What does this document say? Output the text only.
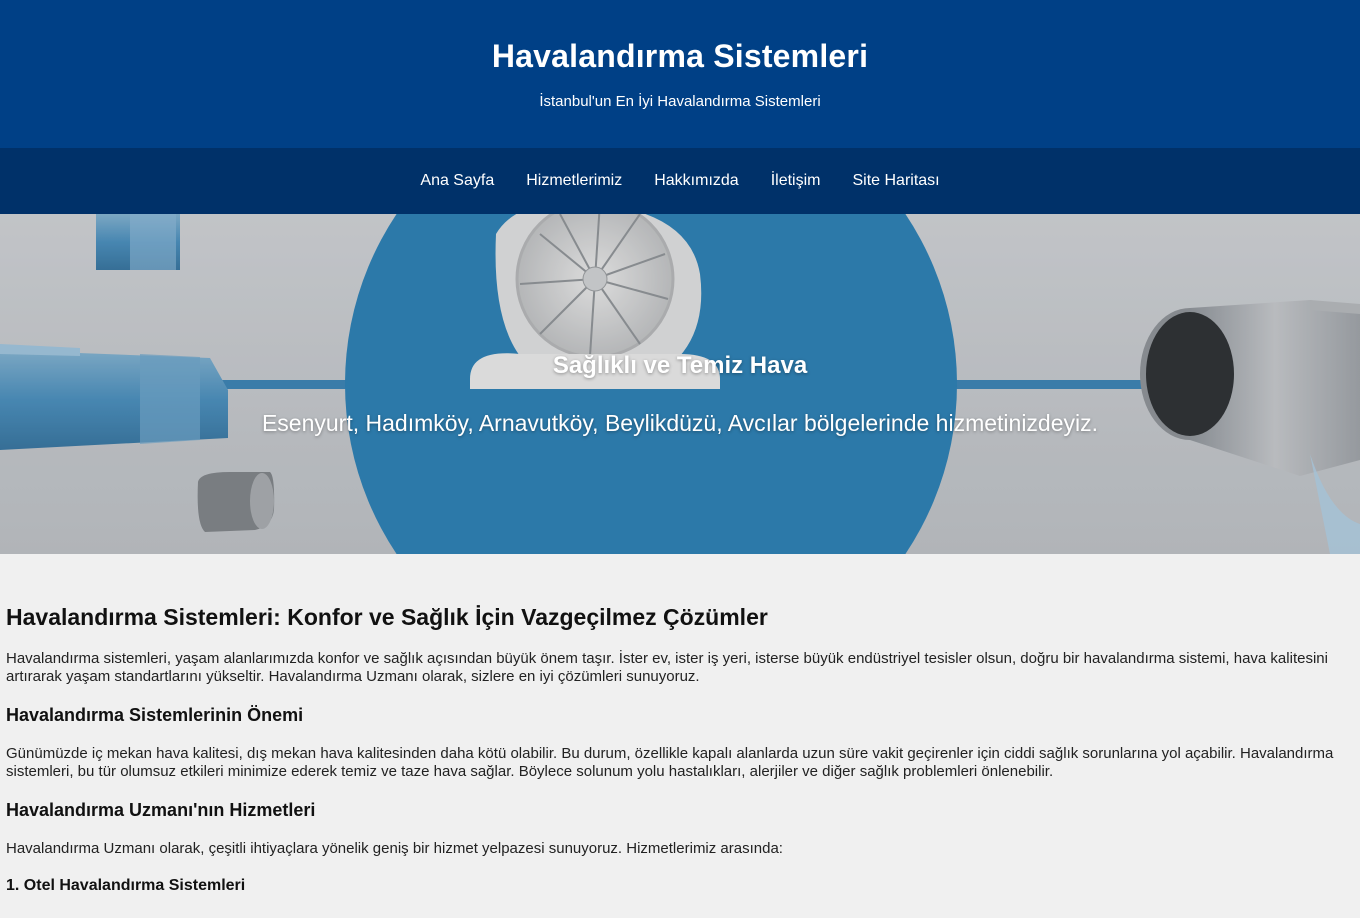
Havalandırma Sistemleri
İstanbul'un En İyi Havalandırma Sistemleri
Ana Sayfa	Hizmetlerimiz	Hakkımızda	İletişim	Site Haritası
Sağlıklı ve Temiz Hava
Esenyurt, Hadımköy, Arnavutköy, Beylikdüzü, Avcılar bölgelerinde hizmetinizdeyiz.
Havalandırma Sistemleri: Konfor ve Sağlık İçin Vazgeçilmez Çözümler

Havalandırma sistemleri, yaşam alanlarımızda konfor ve sağlık açısından büyük önem taşır. İster ev, ister iş yeri, isterse büyük endüstriyel tesisler olsun, doğru bir havalandırma sistemi, hava kalitesini artırarak yaşam standartlarını yükseltir. Havalandırma Uzmanı olarak, sizlere en iyi çözümleri sunuyoruz.

Havalandırma Sistemlerinin Önemi

Günümüzde iç mekan hava kalitesi, dış mekan hava kalitesinden daha kötü olabilir. Bu durum, özellikle kapalı alanlarda uzun süre vakit geçirenler için ciddi sağlık sorunlarına yol açabilir. Havalandırma sistemleri, bu tür olumsuz etkileri minimize ederek temiz ve taze hava sağlar. Böylece solunum yolu hastalıkları, alerjiler ve diğer sağlık problemleri önlenebilir.

Havalandırma Uzmanı'nın Hizmetleri

Havalandırma Uzmanı olarak, çeşitli ihtiyaçlara yönelik geniş bir hizmet yelpazesi sunuyoruz. Hizmetlerimiz arasında:

1. Otel Havalandırma Sistemleri
